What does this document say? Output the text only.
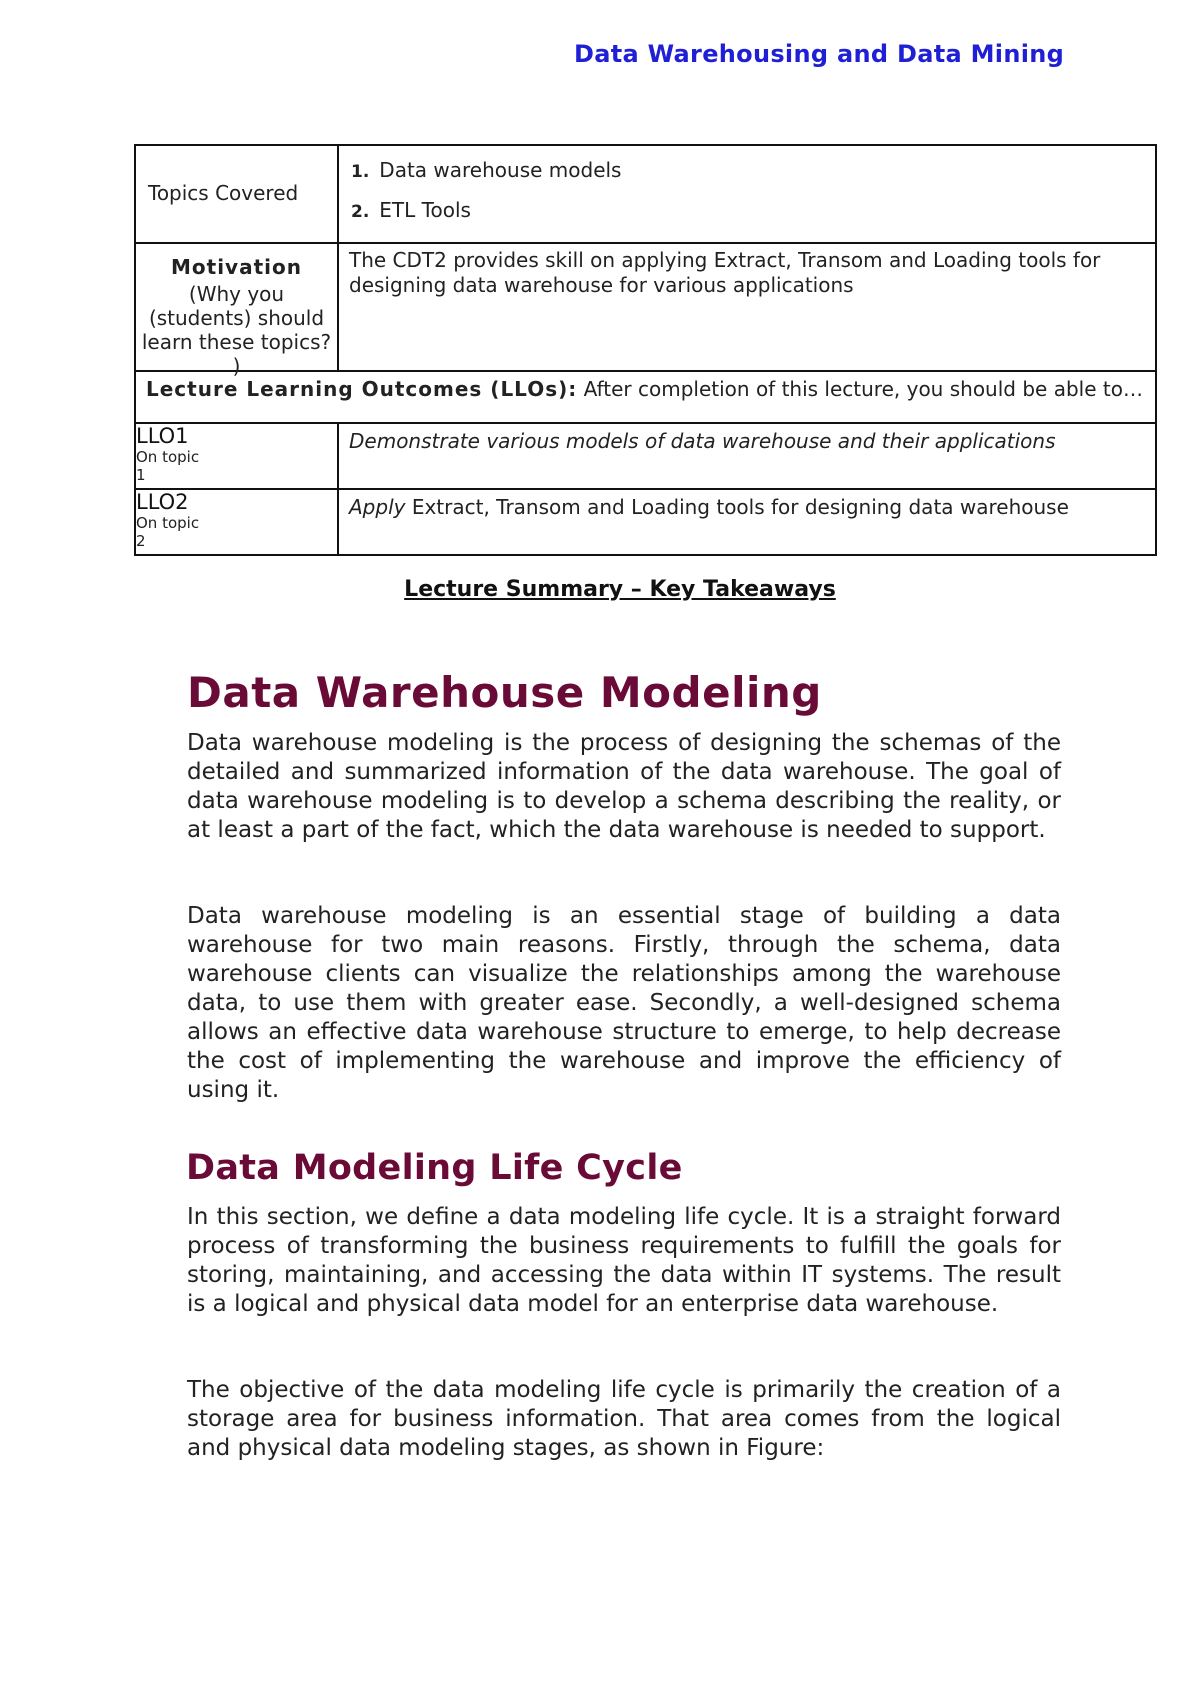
Data Warehousing and Data Mining
Topics Covered	1. Data warehouse models
2. ETL Tools

Motivation
(Why you (students) should learn these topics? )	The CDT2 provides skill on applying Extract, Transom and Loading tools for designing data warehouse for various applications

Lecture Learning Outcomes (LLOs): After completion of this lecture, you should be able to…	

LLO1
On topic
1	Demonstrate various models of data warehouse and their applications

LLO2
On topic
2	Apply Extract, Transom and Loading tools for designing data warehouse
Lecture Summary – Key Takeaways
Data Warehouse Modeling
Data warehouse modeling is the process of designing the schemas of the detailed and summarized information of the data warehouse. The goal of data warehouse modeling is to develop a schema describing the reality, or at least a part of the fact, which the data warehouse is needed to support.
Data warehouse modeling is an essential stage of building a data warehouse for two main reasons. Firstly, through the schema, data warehouse clients can visualize the relationships among the warehouse data, to use them with greater ease. Secondly, a well-designed schema allows an effective data warehouse structure to emerge, to help decrease the cost of implementing the warehouse and improve the efficiency of using it.
Data Modeling Life Cycle
In this section, we define a data modeling life cycle. It is a straight forward process of transforming the business requirements to fulfill the goals for storing, maintaining, and accessing the data within IT systems. The result is a logical and physical data model for an enterprise data warehouse.
The objective of the data modeling life cycle is primarily the creation of a storage area for business information. That area comes from the logical and physical data modeling stages, as shown in Figure:
